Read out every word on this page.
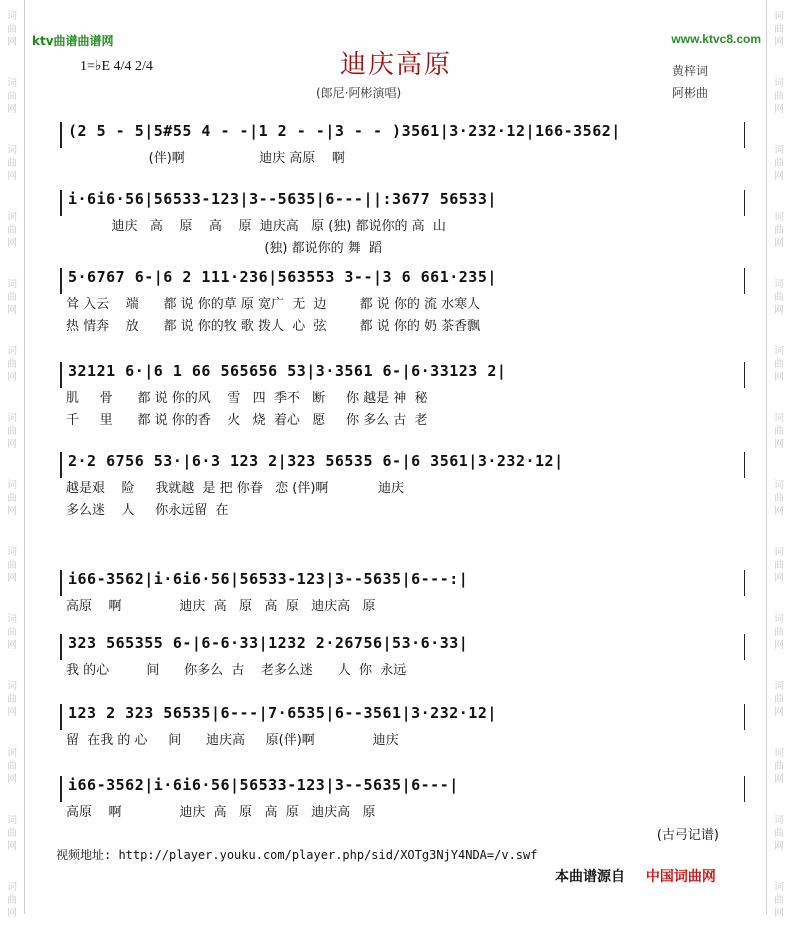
词
曲
网
词
曲
网
词
曲
网
词
曲
网
词
曲
网
词
曲
网
词
曲
网
词
曲
网
词
曲
网
词
曲
网
词
曲
网
词
曲
网
词
曲
网
词
曲
网
词
曲
网
词
曲
网
词
曲
网
词
曲
网
词
曲
网
词
曲
网
词
曲
网
词
曲
网
词
曲
网
词
曲
网
词
曲
网
词
曲
网
词
曲
网
词
曲
网
ktv曲谱曲谱网	www.ktvc8.com
1=♭E 4/4 2/4	迪庆高原
(郎尼·阿彬演唱)
黄梓词
阿彬曲
(2 5 - 5|5#55 4 - -|1 2 - -|3 - - )3561|3·232·12|166-3562|
(伴)啊                  迪庆 高原    啊
i·6i6·56|56533-123|3--5635|6---||:3677 56533|
迪庆   高    原    高    原  迪庆高   原 (独) 都说你的 高  山
(独) 都说你的 舞  蹈
5·6767 6-|6 2 111·236|563553 3--|3 6 661·235|
耸 入云    端      都 说 你的草 原 宽广  无  边        都 说 你的 流 水寒人
热 情奔    放      都 说 你的牧 歌 拨人  心  弦        都 说 你的 奶 茶香飘
32121 6·|6 1 66 565656 53|3·3561 6-|6·33123 2|
肌     骨      都 说 你的风    雪   四  季不   断     你 越是 神  秘
千     里      都 说 你的香    火   烧  着心   愿     你 多么 古  老
2·2 6756 53·|6·3 123 2|323 56535 6-|6 3561|3·232·12|
越是艰    险     我就越  是 把 你眷   恋 (伴)啊            迪庆
多么迷    人     你永远留  在
i66-3562|i·6i6·56|56533-123|3--5635|6---:|
高原    啊              迪庆  高   原   高  原   迪庆高   原
323 565355 6-|6-6·33|1232 2·26756|53·6·33|
我 的心         间      你多么  古    老多么迷      人  你  永远
123 2 323 56535|6---|7·6535|6--3561|3·232·12|
留  在我 的 心     间      迪庆高     原(伴)啊              迪庆
i66-3562|i·6i6·56|56533-123|3--5635|6---|
高原    啊              迪庆  高   原   高  原   迪庆高   原
(古弓记谱)
视频地址: http://player.youku.com/player.php/sid/XOTg3NjY4NDA=/v.swf
本曲谱源自 中国词曲网
